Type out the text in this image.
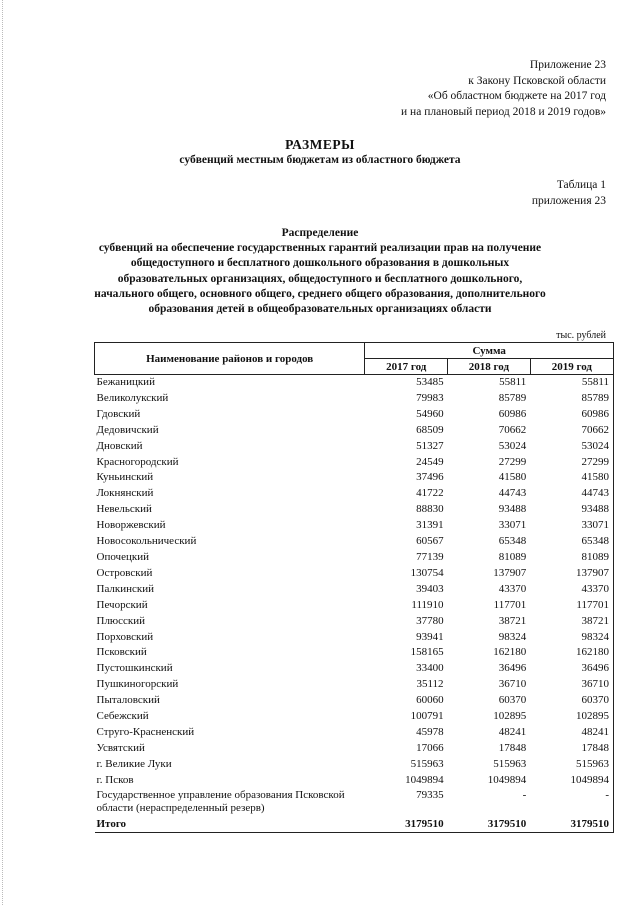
Приложение 23
к Закону Псковской области
«Об областном бюджете на 2017 год
и на плановый период 2018 и 2019 годов»
РАЗМЕРЫ
субвенций местным бюджетам из областного бюджета
Таблица 1
приложения 23
Распределение
субвенций на обеспечение государственных гарантий реализации прав на получение
общедоступного и бесплатного дошкольного образования в дошкольных
образовательных организациях, общедоступного и бесплатного дошкольного,
начального общего, основного общего, среднего общего образования, дополнительного
образования детей в общеобразовательных организациях области
тыс. рублей
Наименование районов и городов	Сумма		
	2017 год	2018 год	2019 год
Бежаницкий	53485	55811	55811
Великолукский	79983	85789	85789
Гдовский	54960	60986	60986
Дедовичский	68509	70662	70662
Дновский	51327	53024	53024
Красногородский	24549	27299	27299
Куньинский	37496	41580	41580
Локнянский	41722	44743	44743
Невельский	88830	93488	93488
Новоржевский	31391	33071	33071
Новосокольнический	60567	65348	65348
Опочецкий	77139	81089	81089
Островский	130754	137907	137907
Палкинский	39403	43370	43370
Печорский	111910	117701	117701
Плюсский	37780	38721	38721
Порховский	93941	98324	98324
Псковский	158165	162180	162180
Пустошкинский	33400	36496	36496
Пушкиногорский	35112	36710	36710
Пыталовский	60060	60370	60370
Себежский	100791	102895	102895
Струго-Красненский	45978	48241	48241
Усвятский	17066	17848	17848
г. Великие Луки	515963	515963	515963
г. Псков	1049894	1049894	1049894
Государственное управление образования Псковской области (нераспределенный резерв)	79335	-	-
Итого	3179510	3179510	3179510
